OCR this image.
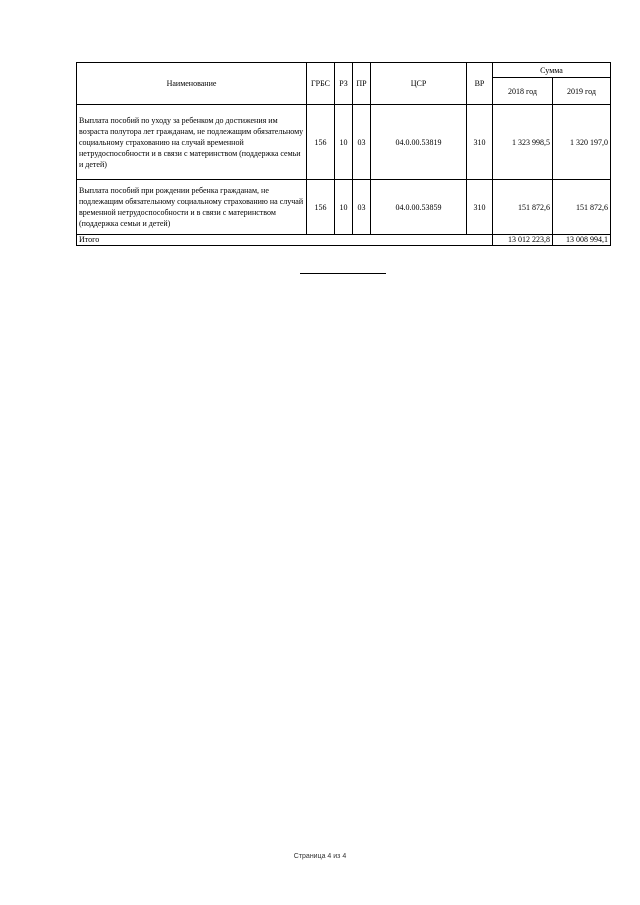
Наименование	ГРБС	РЗ	ПР	ЦСР	ВР	Сумма	
						2018 год	2019 год
Выплата пособий по уходу за ребенком до достижения им возраста полутора лет гражданам, не подлежащим обязательному социальному страхованию на случай временной нетрудоспособности и в связи с материнством (поддержка семьи и детей)	156	10	03	04.0.00.53819	310	1 323 998,5	1 320 197,0
Выплата пособий при рождении ребенка гражданам, не подлежащим обязательному социальному страхованию на случай временной нетрудоспособности и в связи с материнством (поддержка семьи и детей)	156	10	03	04.0.00.53859	310	151 872,6	151 872,6
Итого						13 012 223,8	13 008 994,1
Страница 4 из 4
